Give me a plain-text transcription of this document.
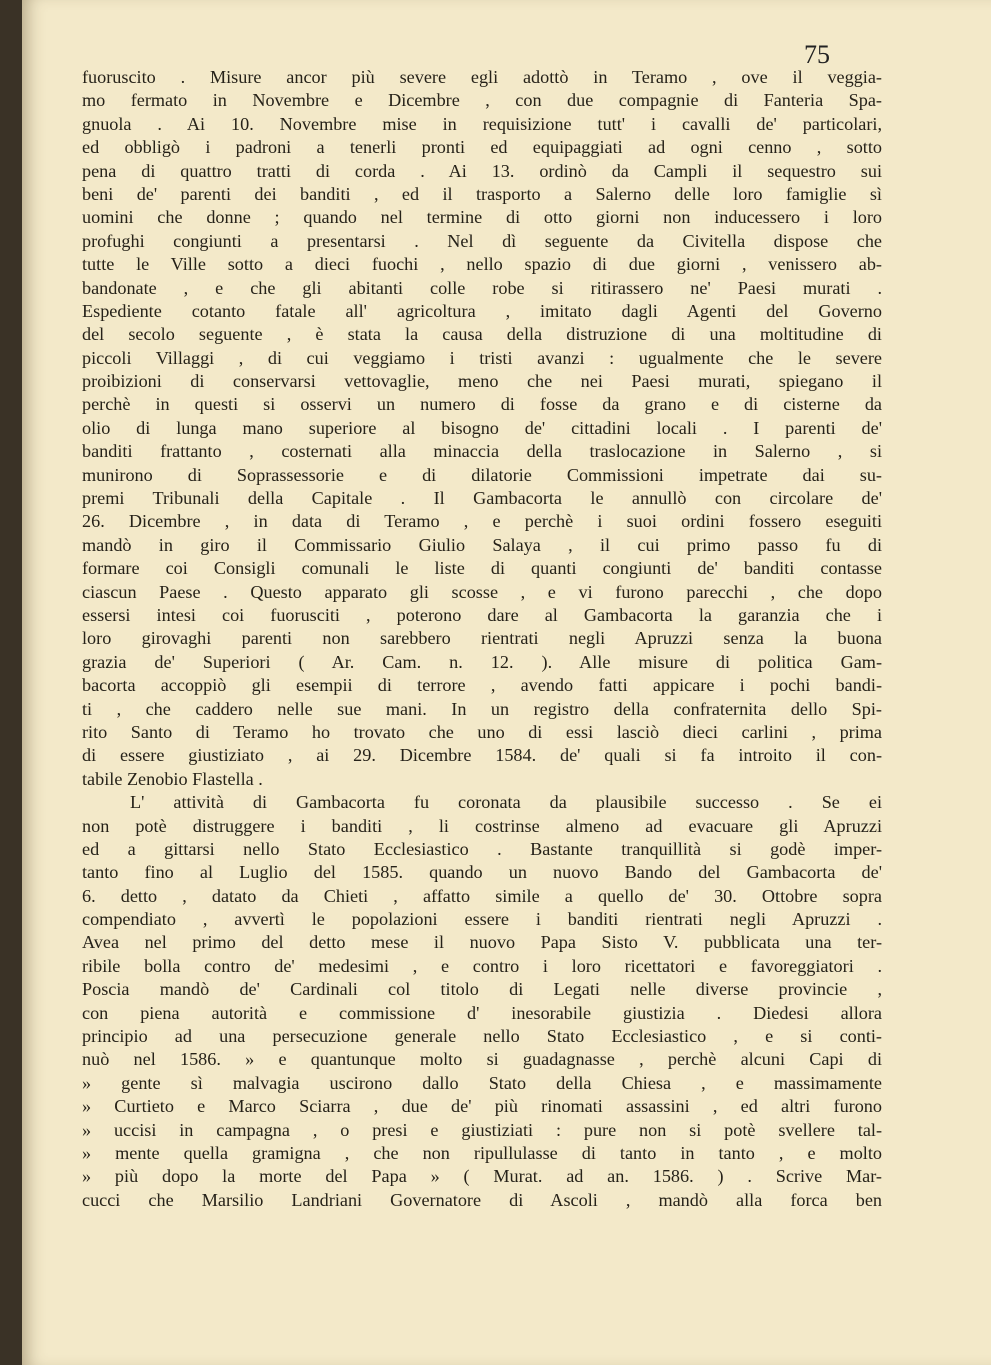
75
fuoruscito . Misure ancor più severe egli adottò in Teramo , ove il veggia-
mo fermato in Novembre e Dicembre , con due compagnie di Fanteria Spa-
gnuola . Ai 10. Novembre mise in requisizione tutt' i cavalli de' particolari,
ed obbligò i padroni a tenerli pronti ed equipaggiati ad ogni cenno , sotto
pena di quattro tratti di corda . Ai 13. ordinò da Campli il sequestro sui
beni de' parenti dei banditi , ed il trasporto a Salerno delle loro famiglie sì
uomini che donne ; quando nel termine di otto giorni non inducessero i loro
profughi congiunti a presentarsi . Nel dì seguente da Civitella dispose che
tutte le Ville sotto a dieci fuochi , nello spazio di due giorni , venissero ab-
bandonate , e che gli abitanti colle robe si ritirassero ne' Paesi murati .
Espediente cotanto fatale all' agricoltura , imitato dagli Agenti del Governo
del secolo seguente , è stata la causa della distruzione di una moltitudine di
piccoli Villaggi , di cui veggiamo i tristi avanzi : ugualmente che le severe
proibizioni di conservarsi vettovaglie, meno che nei Paesi murati, spiegano il
perchè in questi si osservi un numero di fosse da grano e di cisterne da
olio di lunga mano superiore al bisogno de' cittadini locali . I parenti de'
banditi frattanto , costernati alla minaccia della traslocazione in Salerno , si
munirono di Soprassessorie e di dilatorie Commissioni impetrate dai su-
premi Tribunali della Capitale . Il Gambacorta le annullò con circolare de'
26. Dicembre , in data di Teramo , e perchè i suoi ordini fossero eseguiti
mandò in giro il Commissario Giulio Salaya , il cui primo passo fu di
formare coi Consigli comunali le liste di quanti congiunti de' banditi contasse
ciascun Paese . Questo apparato gli scosse , e vi furono parecchi , che dopo
essersi intesi coi fuorusciti , poterono dare al Gambacorta la garanzia che i
loro girovaghi parenti non sarebbero rientrati negli Apruzzi senza la buona
grazia de' Superiori ( Ar. Cam. n. 12. ). Alle misure di politica Gam-
bacorta accoppiò gli esempii di terrore , avendo fatti appicare i pochi bandi-
ti , che caddero nelle sue mani. In un registro della confraternita dello Spi-
rito Santo di Teramo ho trovato che uno di essi lasciò dieci carlini , prima
di essere giustiziato , ai 29. Dicembre 1584. de' quali si fa introito il con-
tabile Zenobio Flastella .
L' attività di Gambacorta fu coronata da plausibile successo . Se ei
non potè distruggere i banditi , li costrinse almeno ad evacuare gli Apruzzi
ed a gittarsi nello Stato Ecclesiastico . Bastante tranquillità si godè imper-
tanto fino al Luglio del 1585. quando un nuovo Bando del Gambacorta de'
6. detto , datato da Chieti , affatto simile a quello de' 30. Ottobre sopra
compendiato , avvertì le popolazioni essere i banditi rientrati negli Apruzzi .
Avea nel primo del detto mese il nuovo Papa Sisto V. pubblicata una ter-
ribile bolla contro de' medesimi , e contro i loro ricettatori e favoreggiatori .
Poscia mandò de' Cardinali col titolo di Legati nelle diverse provincie ,
con piena autorità e commissione d' inesorabile giustizia . Diedesi allora
principio ad una persecuzione generale nello Stato Ecclesiastico , e si conti-
nuò nel 1586. » e quantunque molto si guadagnasse , perchè alcuni Capi di
» gente sì malvagia uscirono dallo Stato della Chiesa , e massimamente
» Curtieto e Marco Sciarra , due de' più rinomati assassini , ed altri furono
» uccisi in campagna , o presi e giustiziati : pure non si potè svellere tal-
» mente quella gramigna , che non ripullulasse di tanto in tanto , e molto
» più dopo la morte del Papa » ( Murat. ad an. 1586. ) . Scrive Mar-
cucci che Marsilio Landriani Governatore di Ascoli , mandò alla forca ben
